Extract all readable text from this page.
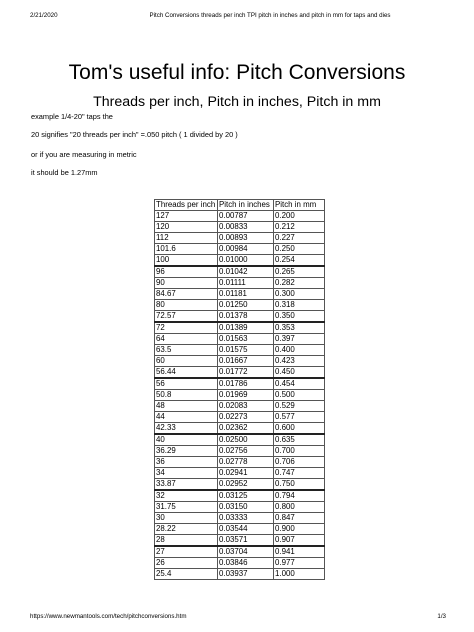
2/21/2020	Pitch Conversions threads per inch TPI pitch in inches and pitch in mm for taps and dies
Tom's useful info: Pitch Conversions
Threads per inch, Pitch in inches, Pitch in mm
example 1/4-20" taps the
20 signifies "20 threads per inch" =.050 pitch ( 1 divided by 20 )
or if you are measuring in metric
it should be 1.27mm
Threads per inch	Pitch in inches	Pitch in mm
127	0.00787	0.200
120	0.00833	0.212
112	0.00893	0.227
101.6	0.00984	0.250
100	0.01000	0.254
96	0.01042	0.265
90	0.01111	0.282
84.67	0.01181	0.300
80	0.01250	0.318
72.57	0.01378	0.350
72	0.01389	0.353
64	0.01563	0.397
63.5	0.01575	0.400
60	0.01667	0.423
56.44	0.01772	0.450
56	0.01786	0.454
50.8	0.01969	0.500
48	0.02083	0.529
44	0.02273	0.577
42.33	0.02362	0.600
40	0.02500	0.635
36.29	0.02756	0.700
36	0.02778	0.706
34	0.02941	0.747
33.87	0.02952	0.750
32	0.03125	0.794
31.75	0.03150	0.800
30	0.03333	0.847
28.22	0.03544	0.900
28	0.03571	0.907
27	0.03704	0.941
26	0.03846	0.977
25.4	0.03937	1.000
https://www.newmantools.com/tech/pitchconversions.htm	1/3
